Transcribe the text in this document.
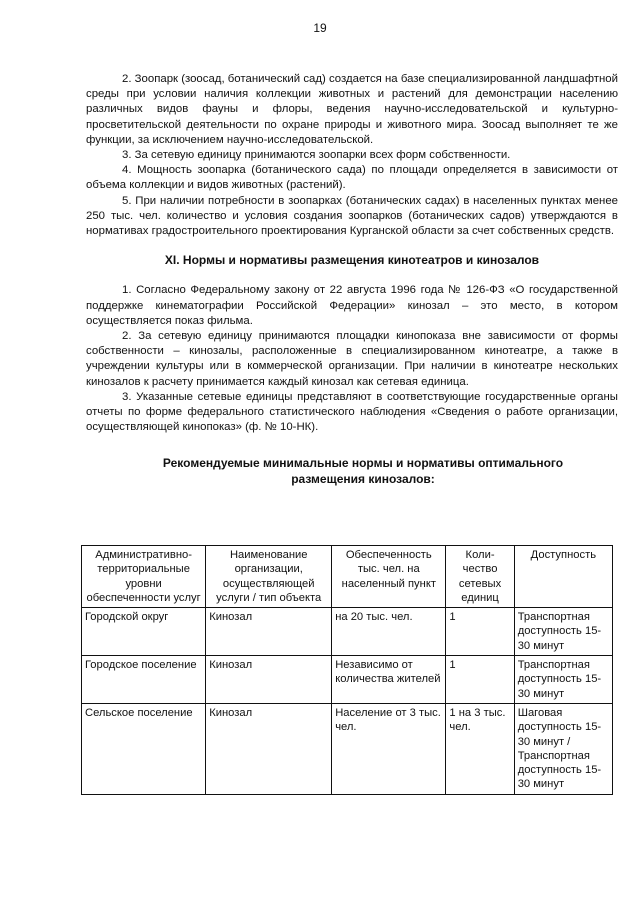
19

2. Зоопарк (зоосад, ботанический сад) создается на базе специализированной ландшафтной среды при условии наличия коллекции животных и растений для демонстрации населению различных видов фауны и флоры, ведения научно-исследовательской и культурно-просветительской деятельности по охране природы и животного мира. Зоосад выполняет те же функции, за исключением научно-исследовательской.

3. За сетевую единицу принимаются зоопарки всех форм собственности.

4. Мощность зоопарка (ботанического сада) по площади определяется в зависимости от объема коллекции и видов животных (растений).

5. При наличии потребности в зоопарках (ботанических садах) в населенных пунктах менее 250 тыс. чел. количество и условия создания зоопарков (ботанических садов) утверждаются в нормативах градостроительного проектирования Курганской области за счет собственных средств.

XI. Нормы и нормативы размещения кинотеатров и кинозалов

1. Согласно Федеральному закону от 22 августа 1996 года № 126-ФЗ «О государственной поддержке кинематографии Российской Федерации» кинозал – это место, в котором осуществляется показ фильма.

2. За сетевую единицу принимаются площадки кинопоказа вне зависимости от формы собственности – кинозалы, расположенные в специализированном кинотеатре, а также в учреждении культуры или в коммерческой организации. При наличии в кинотеатре нескольких кинозалов к расчету принимается каждый кинозал как сетевая единица.

3. Указанные сетевые единицы представляют в соответствующие государственные органы отчеты по форме федерального статистического наблюдения «Сведения о работе организации, осуществляющей кинопоказ» (ф. № 10-НК).

Рекомендуемые минимальные нормы и нормативы оптимального
размещения кинозалов:
Административно-территориальные уровни обеспеченности услуг	Наименование организации, осуществляющей услуги / тип объекта	Обеспеченность тыс. чел. на населенный пункт	Коли-чество сетевых единиц	Доступность
Городской округ	Кинозал	на 20 тыс. чел.	1	Транспортная доступность 15-30 минут
Городское поселение	Кинозал	Независимо от количества жителей	1	Транспортная доступность 15-30 минут
Сельское поселение	Кинозал	Население от 3 тыс. чел.	1 на 3 тыс. чел.	Шаговая доступность 15-30 минут / Транспортная доступность 15-30 минут
